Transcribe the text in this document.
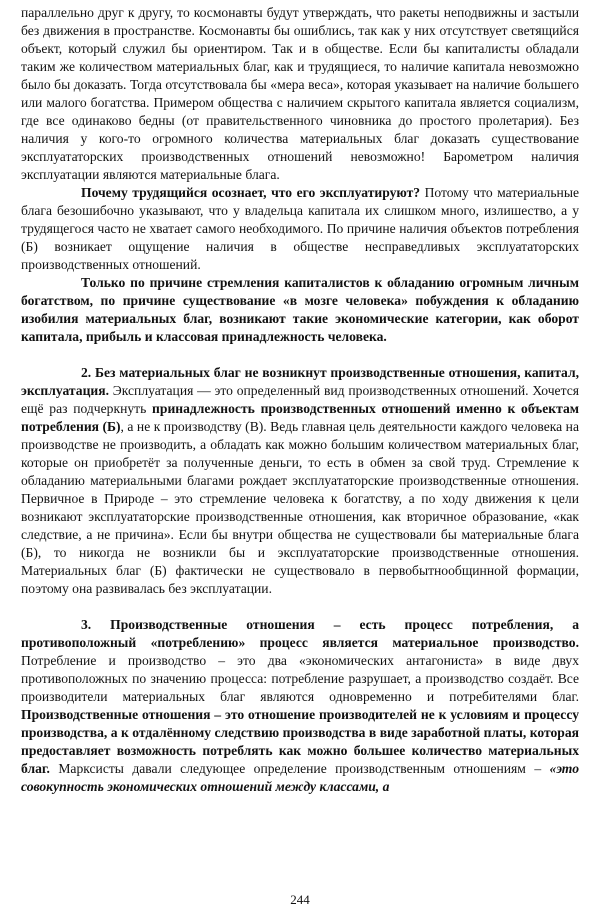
параллельно друг к другу, то космонавты будут утверждать, что ракеты неподвижны и застыли без движения в пространстве. Космонавты бы ошиблись, так как у них отсутствует светящийся объект, который служил бы ориентиром. Так и в обществе. Если бы капиталисты обладали таким же количеством материальных благ, как и трудящиеся, то наличие капитала невозможно было бы доказать. Тогда отсутствовала бы «мера веса», которая указывает на наличие большего или малого богатства. Примером общества с наличием скрытого капитала является социализм, где все одинаково бедны (от правительственного чиновника до простого пролетария). Без наличия у кого-то огромного количества материальных благ доказать существование эксплуататорских производственных отношений невозможно! Барометром наличия эксплуатации являются материальные блага.

Почему трудящийся осознает, что его эксплуатируют? Потому что материальные блага безошибочно указывают, что у владельца капитала их слишком много, излишество, а у трудящегося часто не хватает самого необходимого. По причине наличия объектов потребления (Б) возникает ощущение наличия в обществе несправедливых эксплуататорских производственных отношений.

Только по причине стремления капиталистов к обладанию огромным личным богатством, по причине существование «в мозге человека» побуждения к обладанию изобилия материальных благ, возникают такие экономические категории, как оборот капитала, прибыль и классовая принадлежность человека.

2. Без материальных благ не возникнут производственные отношения, капитал, эксплуатация. Эксплуатация — это определенный вид производственных отношений. Хочется ещё раз подчеркнуть принадлежность производственных отношений именно к объектам потребления (Б), а не к производству (В). Ведь главная цель деятельности каждого человека на производстве не производить, а обладать как можно большим количеством материальных благ, которые он приобретёт за полученные деньги, то есть в обмен за свой труд. Стремление к обладанию материальными благами рождает эксплуататорские производственные отношения. Первичное в Природе – это стремление человека к богатству, а по ходу движения к цели возникают эксплуататорские производственные отношения, как вторичное образование, «как следствие, а не причина». Если бы внутри общества не существовали бы материальные блага (Б), то никогда не возникли бы и эксплуататорские производственные отношения. Материальных благ (Б) фактически не существовало в первобытнообщинной формации, поэтому она развивалась без эксплуатации.

3. Производственные отношения – есть процесс потребления, а противоположный «потреблению» процесс является материальное производство. Потребление и производство – это два «экономических антагониста» в виде двух противоположных по значению процесса: потребление разрушает, а производство создаёт. Все производители материальных благ являются одновременно и потребителями благ. Производственные отношения – это отношение производителей не к условиям и процессу производства, а к отдалённому следствию производства в виде заработной платы, которая предоставляет возможность потреблять как можно большее количество материальных благ. Марксисты давали следующее определение производственным отношениям – «это совокупность экономических отношений между классами, а

244
